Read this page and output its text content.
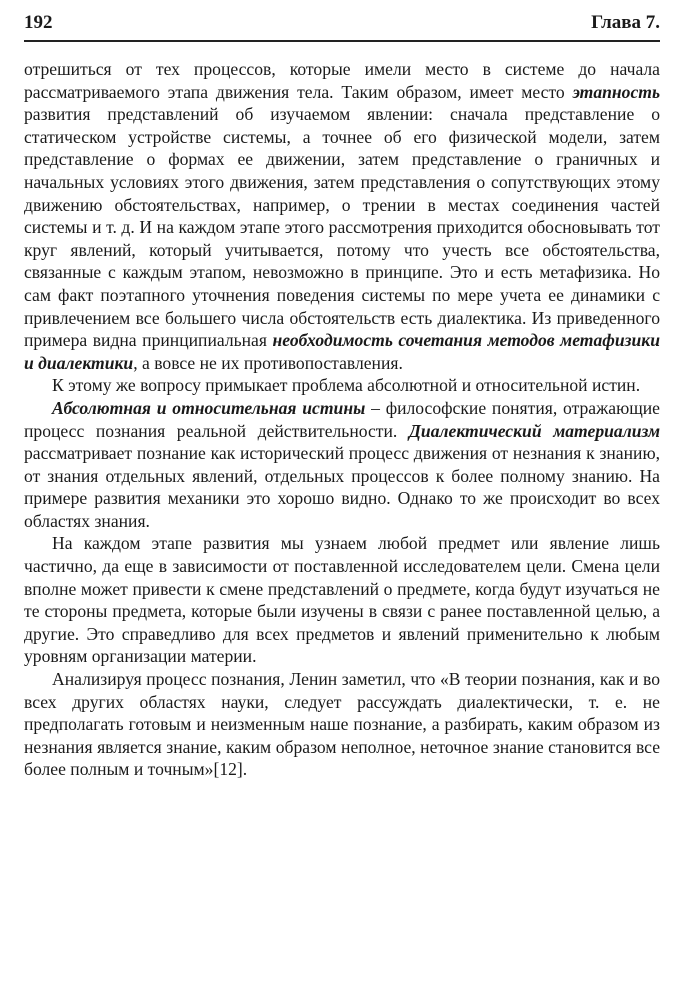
192	Глава 7.

отрешиться от тех процессов, которые имели место в системе до начала рассматриваемого этапа движения тела. Таким образом, имеет место этапность развития представлений об изучаемом явлении: сначала представление о статическом устройстве системы, а точнее об его физической модели, затем представление о формах ее движении, затем представление о граничных и начальных условиях этого движения, затем представления о сопутствующих этому движению обстоятельствах, например, о трении в местах соединения частей системы и т. д. И на каждом этапе этого рассмотрения приходится обосновывать тот круг явлений, который учитывается, потому что учесть все обстоятельства, связанные с каждым этапом, невозможно в принципе. Это и есть метафизика. Но сам факт поэтапного уточнения поведения системы по мере учета ее динамики с привлечением все большего числа обстоятельств есть диалектика. Из приведенного примера видна принципиальная необходимость сочетания методов метафизики и диалектики, а вовсе не их противопоставления.

К этому же вопросу примыкает проблема абсолютной и относительной истин.

Абсолютная и относительная истины – философские понятия, отражающие процесс познания реальной действительности. Диалектический материализм рассматривает познание как исторический процесс движения от незнания к знанию, от знания отдельных явлений, отдельных процессов к более полному знанию. На примере развития механики это хорошо видно. Однако то же происходит во всех областях знания.

На каждом этапе развития мы узнаем любой предмет или явление лишь частично, да еще в зависимости от поставленной исследователем цели. Смена цели вполне может привести к смене представлений о предмете, когда будут изучаться не те стороны предмета, которые были изучены в связи с ранее поставленной целью, а другие. Это справедливо для всех предметов и явлений применительно к любым уровням организации материи.

Анализируя процесс познания, Ленин заметил, что «В теории познания, как и во всех других областях науки, следует рассуждать диалектически, т. е. не предполагать готовым и неизменным наше познание, а разбирать, каким образом из незнания является знание, каким образом неполное, неточное знание становится все более полным и точным»[12].
